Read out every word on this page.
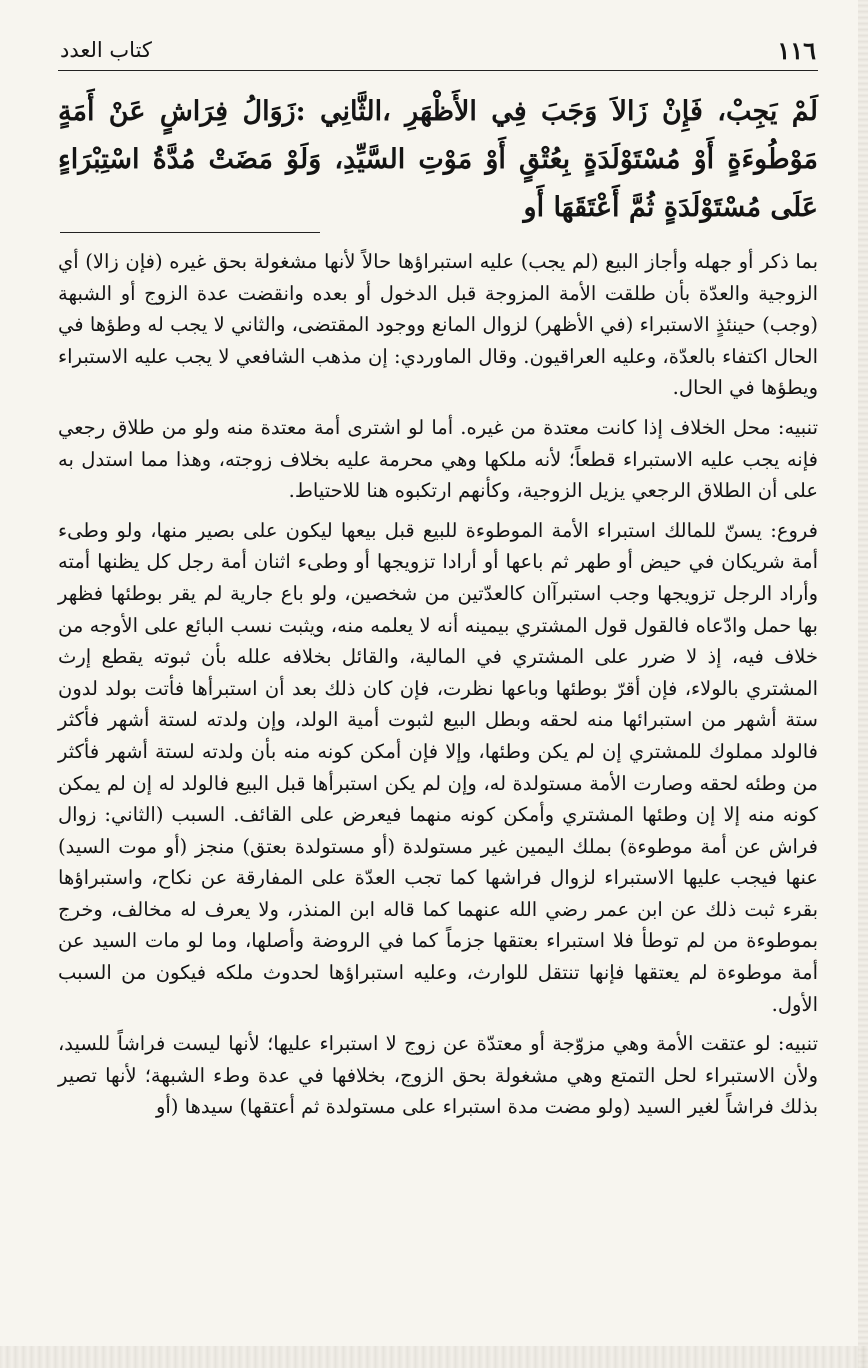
١١٦
كتاب العدد
لَمْ يَجِبْ، فَإِنْ زَالاَ وَجَبَ فِي الأَظْهَرِ ،الثَّانِي :زَوَالُ فِرَاشٍ عَنْ أَمَةٍ مَوْطُوءَةٍ أَوْ مُسْتَوْلَدَةٍ بِعُتْقٍ أَوْ مَوْتِ السَّيِّدِ، وَلَوْ مَضَتْ مُدَّةُ اسْتِبْرَاءٍ عَلَى مُسْتَوْلَدَةٍ ثُمَّ أَعْتَقَهَا أَو

بما ذكر أو جهله وأجاز البيع (لم يجب) عليه استبراؤها حالاً لأنها مشغولة بحق غيره (فإن زالا) أي الزوجية والعدّة بأن طلقت الأمة المزوجة قبل الدخول أو بعده وانقضت عدة الزوج أو الشبهة (وجب) حينئذٍ الاستبراء (في الأظهر) لزوال المانع ووجود المقتضى، والثاني لا يجب له وطؤها في الحال اكتفاء بالعدّة، وعليه العراقيون. وقال الماوردي: إن مذهب الشافعي لا يجب عليه الاستبراء ويطؤها في الحال.

تنبيه: محل الخلاف إذا كانت معتدة من غيره. أما لو اشترى أمة معتدة منه ولو من طلاق رجعي فإنه يجب عليه الاستبراء قطعاً؛ لأنه ملكها وهي محرمة عليه بخلاف زوجته، وهذا مما استدل به على أن الطلاق الرجعي يزيل الزوجية، وكأنهم ارتكبوه هنا للاحتياط.

فروع: يسنّ للمالك استبراء الأمة الموطوءة للبيع قبل بيعها ليكون على بصير منها، ولو وطىء أمة شريكان في حيض أو طهر ثم باعها أو أرادا تزويجها أو وطىء اثنان أمة رجل كل يظنها أمته وأراد الرجل تزويجها وجب استبرآان كالعدّتين من شخصين، ولو باع جارية لم يقر بوطئها فظهر بها حمل وادّعاه فالقول قول المشتري بيمينه أنه لا يعلمه منه، ويثبت نسب البائع على الأوجه من خلاف فيه، إذ لا ضرر على المشتري في المالية، والقائل بخلافه علله بأن ثبوته يقطع إرث المشتري بالولاء، فإن أقرّ بوطئها وباعها نظرت، فإن كان ذلك بعد أن استبرأها فأتت بولد لدون ستة أشهر من استبرائها منه لحقه وبطل البيع لثبوت أمية الولد، وإن ولدته لستة أشهر فأكثر فالولد مملوك للمشتري إن لم يكن وطئها، وإلا فإن أمكن كونه منه بأن ولدته لستة أشهر فأكثر من وطئه لحقه وصارت الأمة مستولدة له، وإن لم يكن استبرأها قبل البيع فالولد له إن لم يمكن كونه منه إلا إن وطئها المشتري وأمكن كونه منهما فيعرض على القائف. السبب (الثاني: زوال فراش عن أمة موطوءة) بملك اليمين غير مستولدة (أو مستولدة بعتق) منجز (أو موت السيد) عنها فيجب عليها الاستبراء لزوال فراشها كما تجب العدّة على المفارقة عن نكاح، واستبراؤها بقرء ثبت ذلك عن ابن عمر رضي الله عنهما كما قاله ابن المنذر، ولا يعرف له مخالف، وخرج بموطوءة من لم توطأ فلا استبراء بعتقها جزماً كما في الروضة وأصلها، وما لو مات السيد عن أمة موطوءة لم يعتقها فإنها تنتقل للوارث، وعليه استبراؤها لحدوث ملكه فيكون من السبب الأول.

تنبيه: لو عتقت الأمة وهي مزوّجة أو معتدّة عن زوج لا استبراء عليها؛ لأنها ليست فراشاً للسيد، ولأن الاستبراء لحل التمتع وهي مشغولة بحق الزوج، بخلافها في عدة وطء الشبهة؛ لأنها تصير بذلك فراشاً لغير السيد (ولو مضت مدة استبراء على مستولدة ثم أعتقها) سيدها (أو
